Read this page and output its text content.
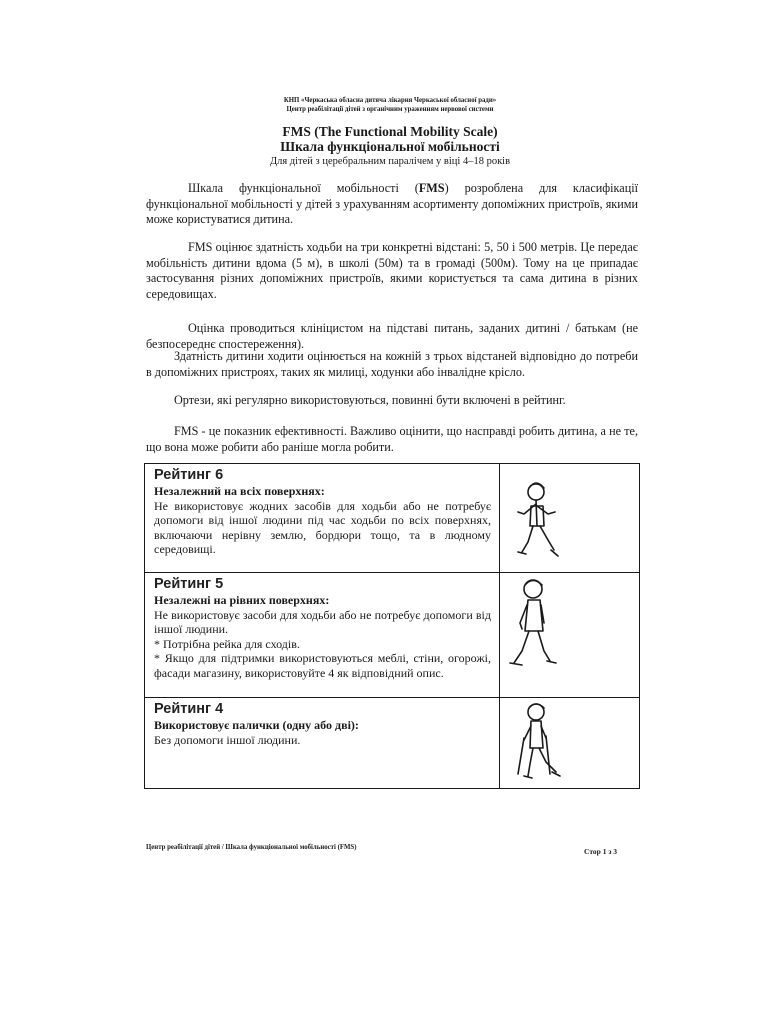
КНП «Черкаська обласна дитяча лікарня Черкаської обласної ради»
Центр реабілітації дітей з органічним ураженням нервової системи
FMS (The Functional Mobility Scale)
Шкала функціональної мобільності
Для дітей з церебральним паралічем у віці 4–18 років
Шкала функціональної мобільності (FMS) розроблена для класифікації функціональної мобільності у дітей з урахуванням асортименту допоміжних пристроїв, якими може користуватися дитина.
FMS оцінює здатність ходьби на три конкретні відстані: 5, 50 і 500 метрів. Це передає мобільність дитини вдома (5 м), в школі (50м) та в громаді (500м). Тому на це припадає застосування різних допоміжних пристроїв, якими користується та сама дитина в різних середовищах.
Оцінка проводиться клініцистом на підставі питань, заданих дитині / батькам (не безпосереднє спостереження).
Здатність дитини ходити оцінюється на кожній з трьох відстаней відповідно до потреби в допоміжних пристроях, таких як милиці, ходунки або інвалідне крісло.
Ортези, які регулярно використовуються, повинні бути включені в рейтинг.
FMS - це показник ефективності. Важливо оцінити, що насправді робить дитина, а не те, що вона може робити або раніше могла робити.
Рейтинг 6
Незалежний на всіх поверхнях:

Не використовує жодних засобів для ходьби або не потребує допомоги від іншої людини під час ходьби по всіх поверхнях, включаючи нерівну землю, бордюри тощо, та в людному середовищі.

Рейтинг 5
Незалежні на рівних поверхнях:

Не використовує засоби для ходьби або не потребує допомоги від іншої людини.

* Потрібна рейка для сходів.

* Якщо для підтримки використовуються меблі, стіни, огорожі, фасади магазину, використовуйте 4 як відповідний опис.

Рейтинг 4
Використовує палички (одну або дві):

Без допомоги іншої людини.

Центр реабілітації дітей / Шкала функціональної мобільності (FMS)	Стор 1 з 3
